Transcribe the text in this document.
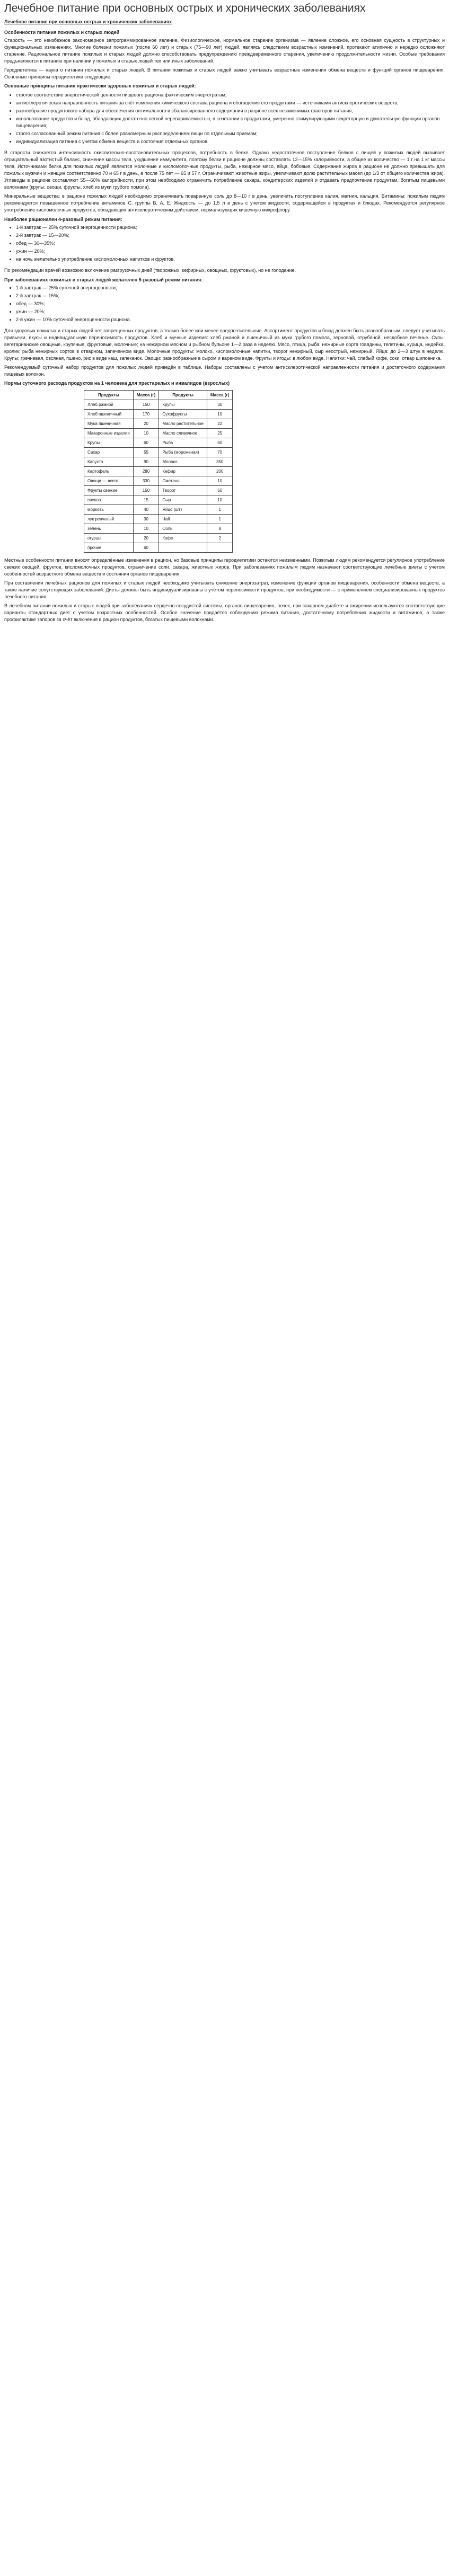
Лечебное питание при основных острых и хронических заболеваниях
Лечебное питание при основных острых и хронических заболеваниях
Особенности питания пожилых и старых людей

Старость — это неизбежное закономерное запрограммированное явление. Физиологическое, нормальное старение организма — явление сложное, его основная сущность в структурных и функциональных изменениях. Многие болезни пожилых (после 60 лет) и старых (75—90 лет) людей, являясь следствием возрастных изменений, протекают атипично и нередко осложняют старение. Рациональное питание пожилых и старых людей должно способствовать предупреждению преждевременного старения, увеличению продолжительности жизни. Особые требования предъявляются к питанию при наличии у пожилых и старых людей тех или иных заболеваний.

Геродиететика — наука о питании пожилых и старых людей. В питании пожилых и старых людей важно учитывать возрастные изменения обмена веществ и функций органов пищеварения. Основные принципы геродиететики следующие.

Основные принципы питания практически здоровых пожилых и старых людей:

• строгое соответствие энергетической ценности пищевого рациона фактическим энерготратам;
• антисклеротическая направленность питания за счёт изменения химического состава рациона и обогащения его продуктами — источниками антисклеротических веществ;
• разнообразие продуктового набора для обеспечения оптимального и сбалансированного содержания в рационе всех незаменимых факторов питания;
• использование продуктов и блюд, обладающих достаточно легкой перевариваемостью, в сочетании с продуктами, умеренно стимулирующими секреторную и двигательную функции органов пищеварения;
• строго согласованный режим питания с более равномерным распределением пищи по отдельным приемам;
• индивидуализация питания с учетом обмена веществ и состояния отдельных органов.

В старости снижается интенсивность окислительно-восстановительных процессов, потребность в белке. Однако недостаточное поступление белков с пищей у пожилых людей вызывает отрицательный азотистый баланс, снижение массы тела, ухудшение иммунитета, поэтому белки в рационе должны составлять 12—15% калорийности, а общее их количество — 1 г на 1 кг массы тела. Источниками белка для пожилых людей являются молочные и кисломолочные продукты, рыба, нежирное мясо, яйца, бобовые. Содержание жиров в рационе не должно превышать для пожилых мужчин и женщин соответственно 70 и 65 г в день, а после 75 лет — 65 и 57 г. Ограничивают животные жиры, увеличивают долю растительных масел (до 1/3 от общего количества жира). Углеводы в рационе составляют 55—60% калорийности, при этом необходимо ограничить потребление сахара, кондитерских изделий и отдавать предпочтение продуктам, богатым пищевыми волокнами (крупы, овощи, фрукты, хлеб из муки грубого помола).

Минеральные вещества: в рационе пожилых людей необходимо ограничивать поваренную соль до 8—10 г в день, увеличить поступление калия, магния, кальция. Витамины: пожилым людям рекомендуется повышенное потребление витаминов С, группы В, А, Е. Жидкость — до 1,5 л в день с учетом жидкости, содержащейся в продуктах и блюдах. Рекомендуется регулярное употребление кисломолочных продуктов, обладающих антисклеротическим действием, нормализующих кишечную микрофлору.

Наиболее рационален 4-разовый режим питания:
• 1-й завтрак — 25% суточной энергоценности рациона;
• 2-й завтрак — 15—20%;
• обед — 30—35%;
• ужин — 20%;
• на ночь желательно употребление кисломолочных напитков и фруктов.

По рекомендации врачей возможно включение разгрузочных дней (творожных, кефирных, овощных, фруктовых), но не голодание.

При заболеваниях пожилых и старых людей желателен 5-разовый режим питания:
• 1-й завтрак — 25% суточной энергоценности;
• 2-й завтрак — 15%;
• обед — 30%;
• ужин — 20%;
• 2-й ужин — 10% суточной энергоценности рациона.

Для здоровых пожилых и старых людей нет запрещенных продуктов, а только более или менее предпочтительные. Ассортимент продуктов и блюд должен быть разнообразным, следует учитывать привычки, вкусы и индивидуальную переносимость продуктов. Хлеб и мучные изделия: хлеб ржаной и пшеничный из муки грубого помола, зерновой, отрубяной, несдобное печенье. Супы: вегетарианские овощные, крупяные, фруктовые, молочные; на нежирном мясном и рыбном бульоне 1—2 раза в неделю. Мясо, птица, рыба: нежирные сорта говядины, телятины, курица, индейка, кролик; рыба нежирных сортов в отварном, запеченном виде. Молочные продукты: молоко, кисломолочные напитки, творог нежирный, сыр неострый, нежирный. Яйца: до 2—3 штук в неделю. Крупы: гречневая, овсяная, пшено, рис в виде каш, запеканок. Овощи: разнообразные в сыром и вареном виде. Фрукты и ягоды: в любом виде. Напитки: чай, слабый кофе, соки, отвар шиповника.

Рекомендуемый суточный набор продуктов для пожилых людей приведён в таблице. Наборы составлены с учетом антисклеротической направленности питания и достаточного содержания пищевых волокон.

Нормы суточного расхода продуктов на 1 человека для престарелых и инвалидов (взрослых)

Продукты	Масса (г)	Продукты	Масса (г)
Хлеб ржаной	150	Крупы	30
Хлеб пшеничный	170	Сухофрукты	10
Мука пшеничная	20	Масло растительное	22
Макаронные изделия	10	Масло сливочное	25
Крупы	60	Рыба	60
Сахар	55	Рыба (мороженая)	70
Капуста	90	Молоко	350
Картофель	280	Кефир	200
Овощи — всего	330	Сметана	10
Фрукты свежие	150	Творог	50
свекла	15	Сыр	10
морковь	40	Яйцо (шт)	1
лук репчатый	30	Чай	1
зелень	10	Соль	8
огурцы	20	Кофе	2
прочие	60		

Местные особенности питания вносят определённые изменения в рацион, но базовые принципы геродиететики остаются неизменными. Пожилым людям рекомендуется регулярное употребление свежих овощей, фруктов, кисломолочных продуктов, ограничение соли, сахара, животных жиров. При заболеваниях пожилым людям назначают соответствующие лечебные диеты с учётом особенностей возрастного обмена веществ и состояния органов пищеварения.

При составлении лечебных рационов для пожилых и старых людей необходимо учитывать снижение энергозатрат, изменение функции органов пищеварения, особенности обмена веществ, а также наличие сопутствующих заболеваний. Диеты должны быть индивидуализированы с учётом переносимости продуктов, при необходимости — с применением специализированных продуктов лечебного питания.

В лечебном питании пожилых и старых людей при заболеваниях сердечно-сосудистой системы, органов пищеварения, почек, при сахарном диабете и ожирении используются соответствующие варианты стандартных диет с учётом возрастных особенностей. Особое значение придаётся соблюдению режима питания, достаточному потреблению жидкости и витаминов, а также профилактике запоров за счёт включения в рацион продуктов, богатых пищевыми волокнами.
